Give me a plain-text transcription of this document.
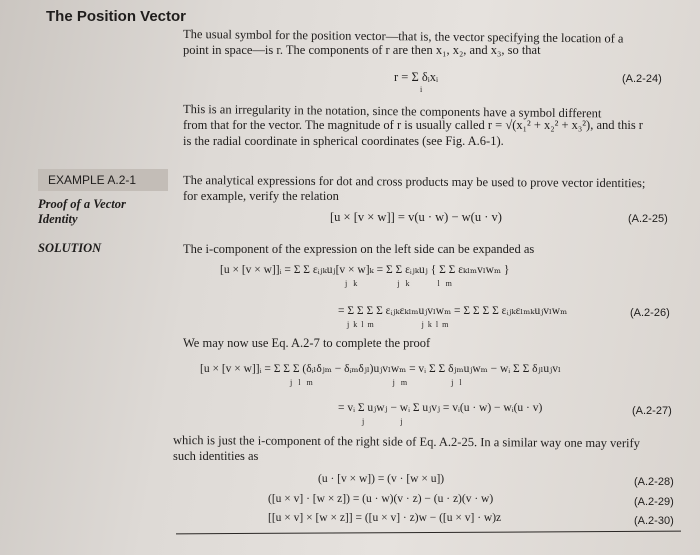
The Position Vector
The usual symbol for the position vector—that is, the vector specifying the location of a
point in space—is r. The components of r are then x₁, x₂, and x₃, so that
r = Σ δᵢxᵢ
i
(A.2-24)
This is an irregularity in the notation, since the components have a symbol different
from that for the vector. The magnitude of r is usually called r = √(x₁² + x₂² + x₃²), and this r
is the radial coordinate in spherical coordinates (see Fig. A.6-1).
EXAMPLE A.2-1
Proof of a Vector
Identity
The analytical expressions for dot and cross products may be used to prove vector identities;
for example, verify the relation
[u × [v × w]] = v(u · w) − w(u · v)	(A.2-25)
SOLUTION	The i-component of the expression on the left side can be expanded as
[u × [v × w]]ᵢ = Σ Σ εᵢⱼₖuⱼ[v × w]ₖ = Σ Σ εᵢⱼₖuⱼ { Σ Σ εₖₗₘvₗwₘ }
j   k                    j   k              l   m
= Σ Σ Σ Σ εᵢⱼₖεₖₗₘuⱼvₗwₘ = Σ Σ Σ Σ εᵢⱼₖεₗₘₖuⱼvₗwₘ
j  k  l  m                        j  k  l  m
(A.2-26)
We may now use Eq. A.2-7 to complete the proof
[u × [v × w]]ᵢ = Σ Σ Σ (δᵢₗδⱼₘ − δᵢₘδⱼₗ)uⱼvₗwₘ = vᵢ Σ Σ δⱼₘuⱼwₘ − wᵢ Σ Σ δⱼₗuⱼvₗ
j   l   m                                        j   m                      j   l
= vᵢ Σ uⱼwⱼ − wᵢ Σ uⱼvⱼ = vᵢ(u · w) − wᵢ(u · v)
j                  j
(A.2-27)
which is just the i-component of the right side of Eq. A.2-25. In a similar way one may verify
such identities as
(u · [v × w]) = (v · [w × u])	(A.2-28)
([u × v] · [w × z]) = (u · w)(v · z) − (u · z)(v · w)	(A.2-29)
[[u × v] × [w × z]] = ([u × v] · z)w − ([u × v] · w)z	(A.2-30)
